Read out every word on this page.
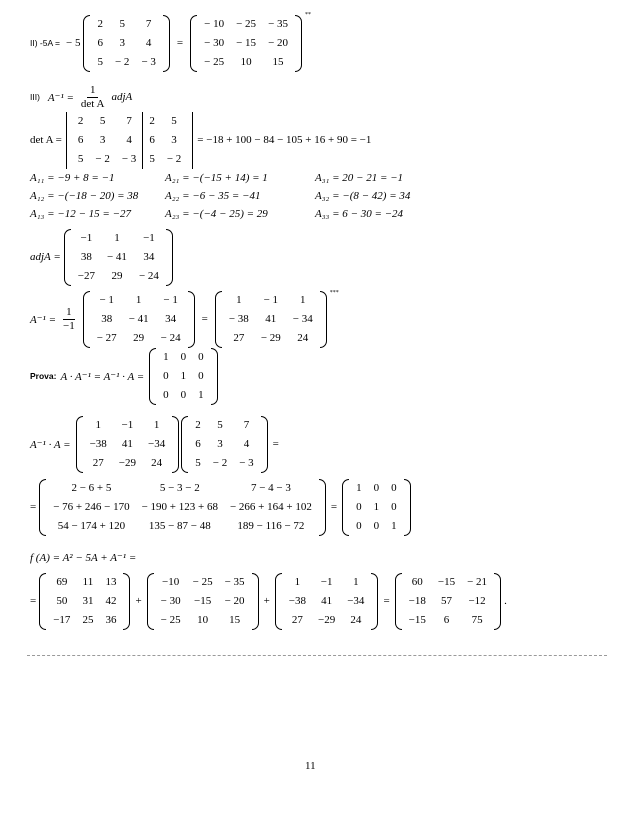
II) -5A = − 5
2	5	7
6	3	4
5	− 2	− 3
=
− 10	− 25	− 35
− 30	− 15	− 20
− 25	10	15
**
III) $A^{-1} = \frac{1}{\text{det A}}$ adjA
det A =
2	5	7	2	5
6	3	4	6	3
5	− 2	− 3	5	− 2
= −18 + 100 − 84 − 105 + 16 + 90 = −1
A₁₁ = −9 + 8 = −1	A₂₁ = −(−15 + 14) = 1	A₃₁ = 20 − 21 = −1
A₁₂ = −(−18 − 20) = 38 A₂₂ = −6 − 35 = −41	A₃₂ = −(8 − 42) = 34
A₁₃ = −12 − 15 = −27	A₂₃ = −(−4 − 25) = 29	A₃₃ = 6 − 30 = −24
adjA =
−1	1	−1
38	− 41	34
−27	29	− 24
$A^{-1} = \frac{1}{-1}$
− 1	1	− 1
38	− 41	34
− 27	29	− 24
=
1	− 1	1
− 38	41	− 34
27	− 29	24
***
Prova: A · A⁻¹ = A⁻¹ · A =
1	0	0
0	1	0
0	0	1
A⁻¹ · A =
1	−1	1
−38	41	−34
27	−29	24
2	5	7
6	3	4
5	− 2	− 3
=
=
2 − 6 + 5	5 − 3 − 2	7 − 4 − 3
− 76 + 246 − 170	− 190 + 123 + 68	− 266 + 164 + 102
54 − 174 + 120	135 − 87 − 48	189 − 116 − 72
=
1	0	0
0	1	0
0	0	1
f (A) = A² − 5A + A⁻¹ =
=
69	11	13
50	31	42
−17	25	36
+
−10	− 25	− 35
− 30	−15	− 20
− 25	10	15
+
1	−1	1
−38	41	−34
27	−29	24
=
60	−15	− 21
−18	57	−12
−15	6	75
.
11
